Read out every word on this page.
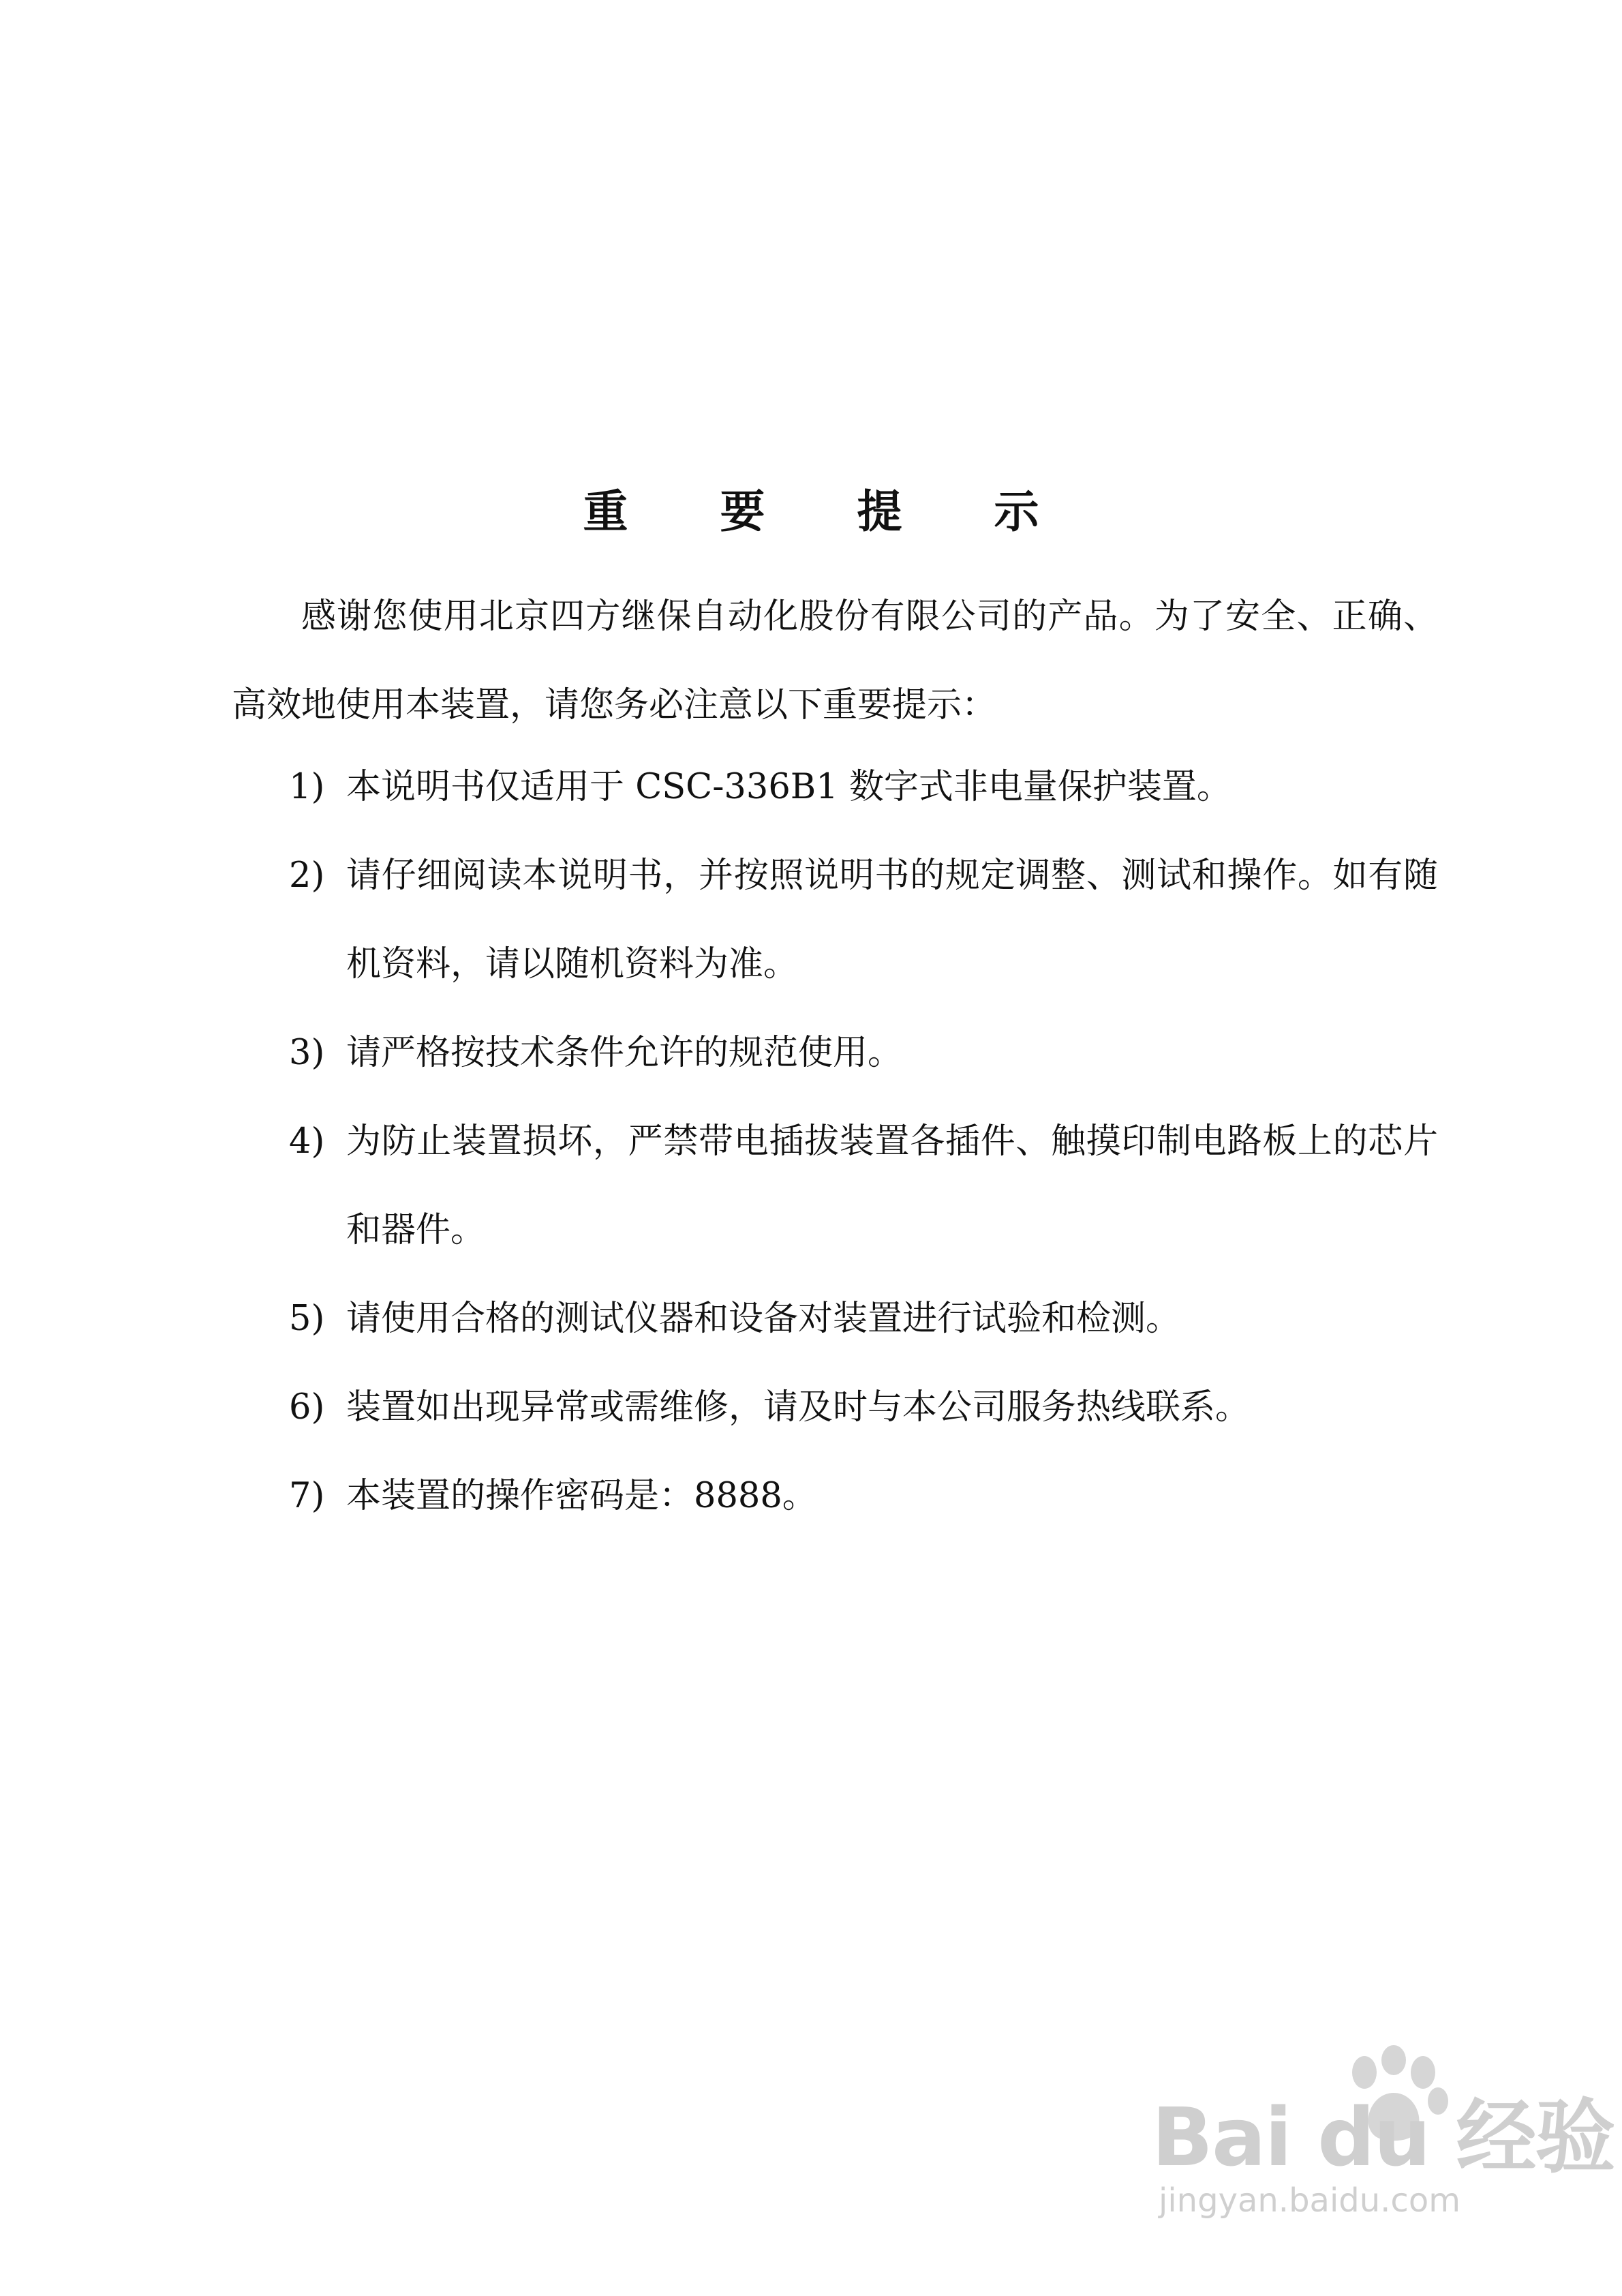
重 要 提 示
感谢您使用北京四方继保自动化股份有限公司的产品。为了安全、正确、高效地使用本装置，请您务必注意以下重要提示：
1) 本说明书仅适用于 CSC-336B1 数字式非电量保护装置。
2) 请仔细阅读本说明书，并按照说明书的规定调整、测试和操作。如有随机资料，请以随机资料为准。
3) 请严格按技术条件允许的规范使用。
4) 为防止装置损坏，严禁带电插拔装置各插件、触摸印制电路板上的芯片和器件。
5) 请使用合格的测试仪器和设备对装置进行试验和检测。
6) 装置如出现异常或需维修，请及时与本公司服务热线联系。
7) 本装置的操作密码是：8888。
Bai du 经验
jingyan.baidu.com
